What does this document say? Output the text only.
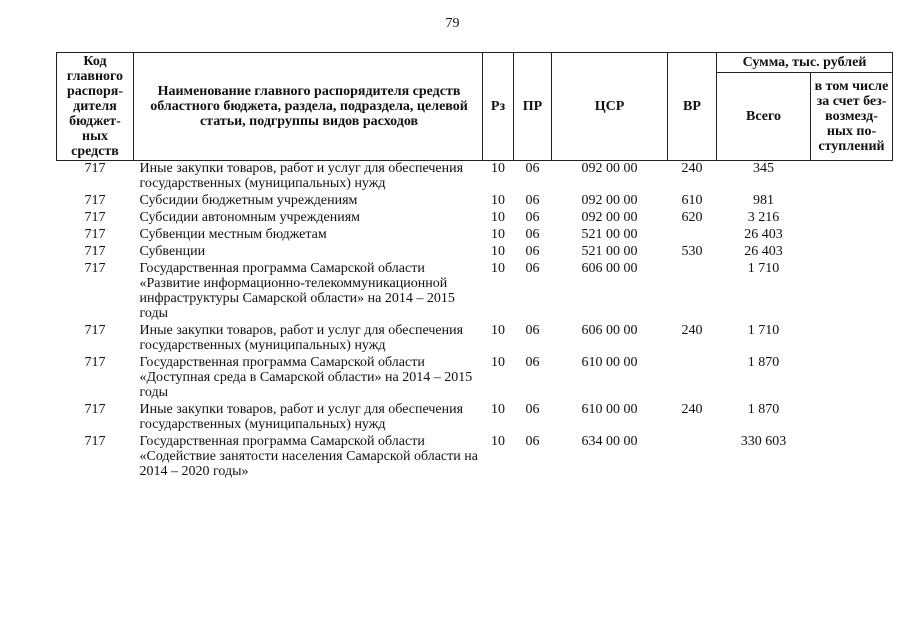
79
Код главного распоря-дителя бюджет-ных средств	Наименование главного распорядителя средств областного бюджета, раздела, подраздела, целевой статьи, подгруппы видов расходов	Рз	ПР	ЦСР	ВР	Сумма, тыс. рублей	
						Всего	в том числе за счет без-возмезд-ных по-ступлений
717	Иные закупки товаров, работ и услуг для обеспечения государственных (муниципальных) нужд	10	06	092 00 00	240	345	
717	Субсидии бюджетным учреждениям	10	06	092 00 00	610	981	
717	Субсидии автономным учреждениям	10	06	092 00 00	620	3 216	
717	Субвенции местным бюджетам	10	06	521 00 00		26 403	
717	Субвенции	10	06	521 00 00	530	26 403	
717	Государственная программа Самарской области «Развитие информационно-телекоммуникационной инфраструктуры Самарской области» на 2014 – 2015 годы	10	06	606 00 00		1 710	
717	Иные закупки товаров, работ и услуг для обеспечения государственных (муниципальных) нужд	10	06	606 00 00	240	1 710	
717	Государственная программа Самарской области «Доступная среда в Самарской области» на 2014 – 2015 годы	10	06	610 00 00		1 870	
717	Иные закупки товаров, работ и услуг для обеспечения государственных (муниципальных) нужд	10	06	610 00 00	240	1 870	
717	Государственная программа Самарской области «Содействие занятости населения Самарской области на 2014 – 2020 годы»	10	06	634 00 00		330 603	
